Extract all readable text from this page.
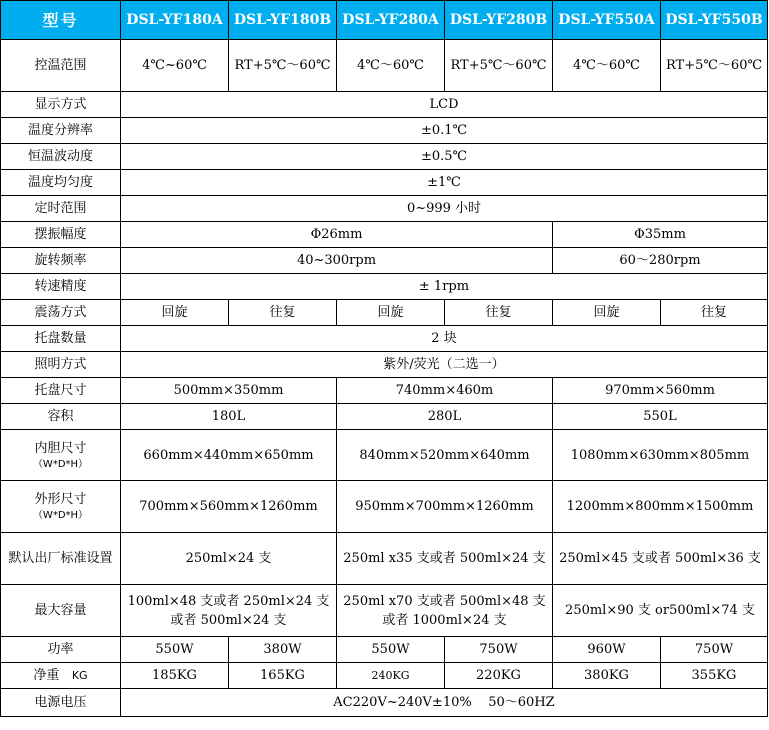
型号	DSL-YF180A	DSL-YF180B	DSL-YF280A	DSL-YF280B	DSL-YF550A	DSL-YF550B
控温范围	4℃~60℃	RT+5℃～60℃	4℃～60℃	RT+5℃～60℃	4℃～60℃	RT+5℃～60℃
显示方式	LCD					
温度分辨率	±0.1℃					
恒温波动度	±0.5℃					
温度均匀度	±1℃					
定时范围	0~999 小时					
摆振幅度	Φ26mm				Φ35mm	
旋转频率	40~300rpm				60～280rpm	
转速精度	± 1rpm					
震荡方式	回旋	往复	回旋	往复	回旋	往复
托盘数量	2 块					
照明方式	紫外/荧光（二选一）					
托盘尺寸	500mm×350mm		740mm×460m		970mm×560mm	
容积	180L		280L		550L	
内胆尺寸
（W*D*H）	660mm×440mm×650mm		840mm×520mm×640mm		1080mm×630mm×805mm	
外形尺寸
（W*D*H）	700mm×560mm×1260mm		950mm×700mm×1260mm		1200mm×800mm×1500mm	
默认出厂标准设置	250ml×24 支		250ml x35 支或者 500ml×24 支		250ml×45 支或者 500ml×36 支	
最大容量	100ml×48 支或者 250ml×24 支或者 500ml×24 支		250ml x70 支或者 500ml×48 支 或者 1000ml×24 支		250ml×90 支 or500ml×74 支	
功率	550W	380W	550W	750W	960W	750W
净重 KG	185KG	165KG	240KG	220KG	380KG	355KG
电源电压	AC220V~240V±10%    50～60HZ					
